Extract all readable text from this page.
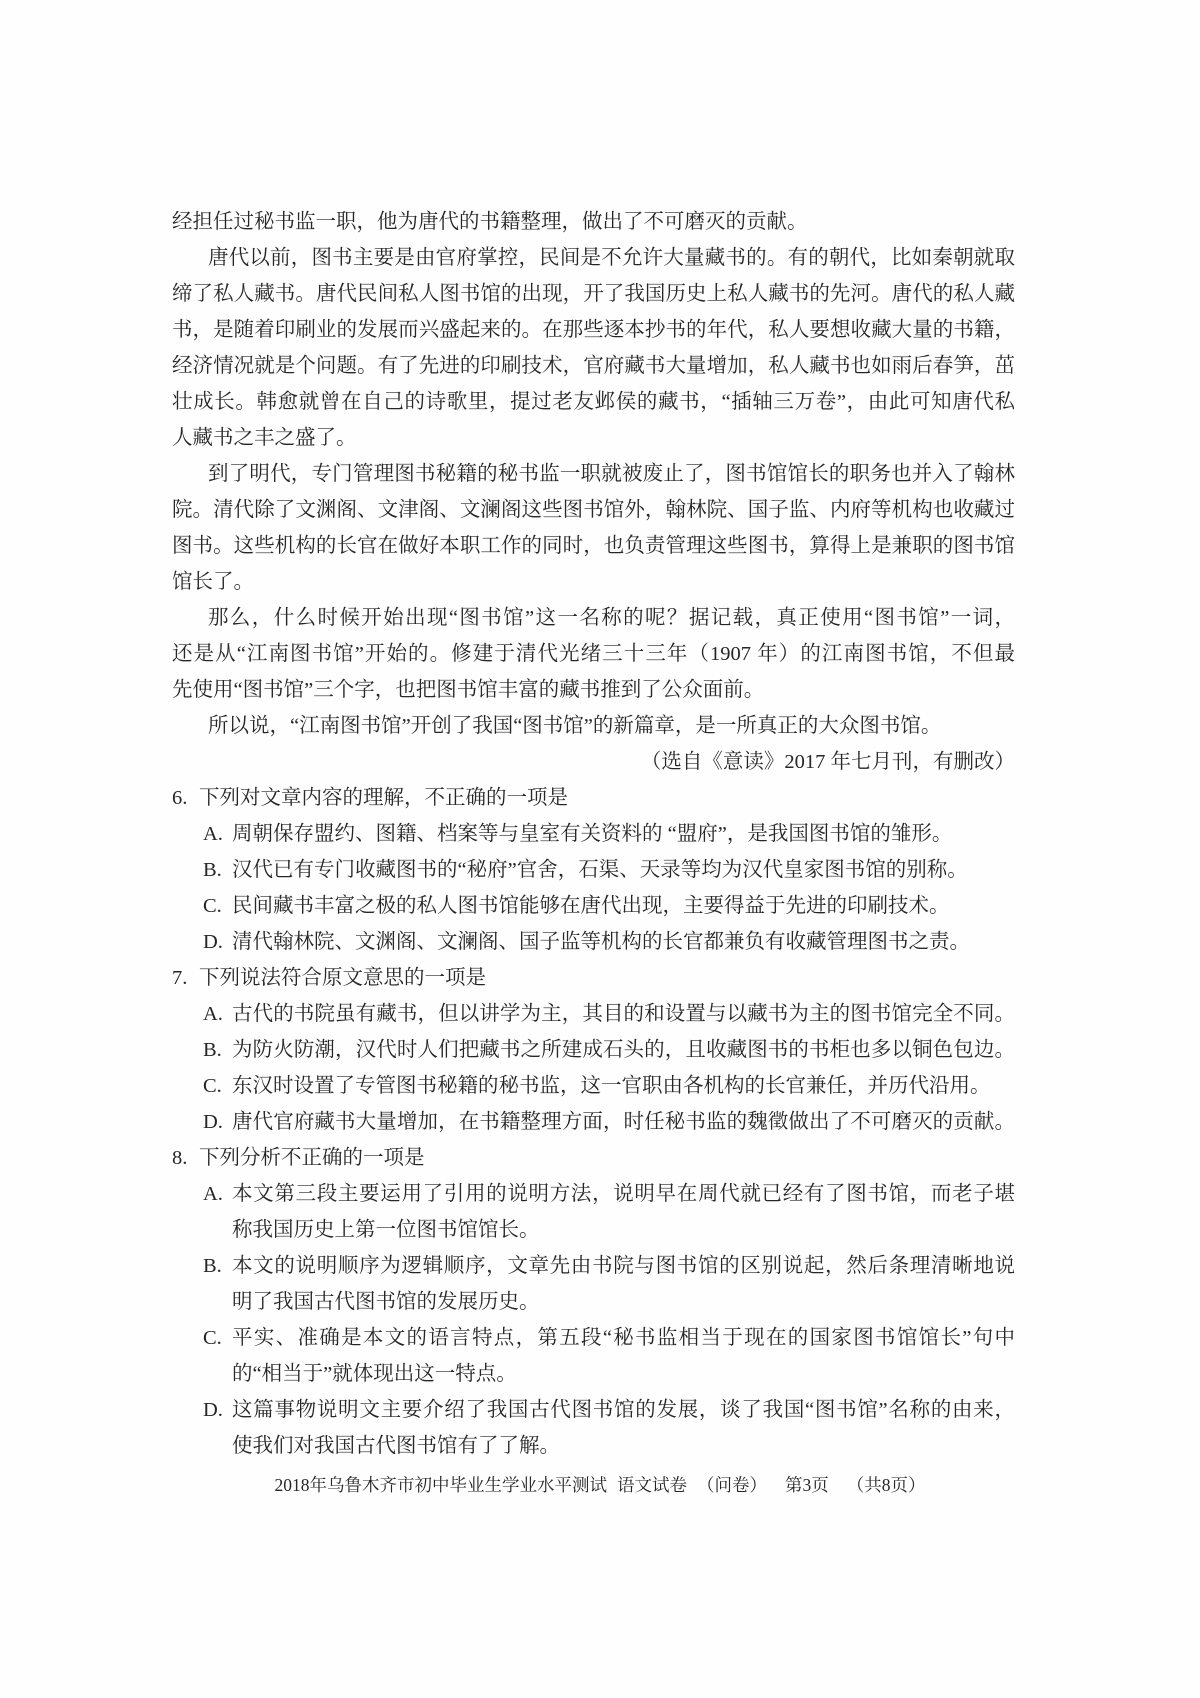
经担任过秘书监一职，他为唐代的书籍整理，做出了不可磨灭的贡献。
唐代以前，图书主要是由官府掌控，民间是不允许大量藏书的。有的朝代，比如秦朝就取
缔了私人藏书。唐代民间私人图书馆的出现，开了我国历史上私人藏书的先河。唐代的私人藏
书，是随着印刷业的发展而兴盛起来的。在那些逐本抄书的年代，私人要想收藏大量的书籍，
经济情况就是个问题。有了先进的印刷技术，官府藏书大量增加，私人藏书也如雨后春笋，茁
壮成长。韩愈就曾在自己的诗歌里，提过老友邺侯的藏书，“插轴三万卷”，由此可知唐代私
人藏书之丰之盛了。
到了明代，专门管理图书秘籍的秘书监一职就被废止了，图书馆馆长的职务也并入了翰林
院。清代除了文渊阁、文津阁、文澜阁这些图书馆外，翰林院、国子监、内府等机构也收藏过
图书。这些机构的长官在做好本职工作的同时，也负责管理这些图书，算得上是兼职的图书馆
馆长了。
那么，什么时候开始出现“图书馆”这一名称的呢？据记载，真正使用“图书馆”一词，
还是从“江南图书馆”开始的。修建于清代光绪三十三年（1907 年）的江南图书馆，不但最
先使用“图书馆”三个字，也把图书馆丰富的藏书推到了公众面前。
所以说，“江南图书馆”开创了我国“图书馆”的新篇章，是一所真正的大众图书馆。
（选自《意读》2017 年七月刊，有删改）
6. 下列对文章内容的理解，不正确的一项是
A. 周朝保存盟约、图籍、档案等与皇室有关资料的 “盟府”，是我国图书馆的雏形。
B. 汉代已有专门收藏图书的“秘府”官舍，石渠、天录等均为汉代皇家图书馆的别称。
C. 民间藏书丰富之极的私人图书馆能够在唐代出现，主要得益于先进的印刷技术。
D. 清代翰林院、文渊阁、文澜阁、国子监等机构的长官都兼负有收藏管理图书之责。
7. 下列说法符合原文意思的一项是
A. 古代的书院虽有藏书，但以讲学为主，其目的和设置与以藏书为主的图书馆完全不同。
B. 为防火防潮，汉代时人们把藏书之所建成石头的，且收藏图书的书柜也多以铜色包边。
C. 东汉时设置了专管图书秘籍的秘书监，这一官职由各机构的长官兼任，并历代沿用。
D. 唐代官府藏书大量增加，在书籍整理方面，时任秘书监的魏徵做出了不可磨灭的贡献。
8. 下列分析不正确的一项是
A. 本文第三段主要运用了引用的说明方法，说明早在周代就已经有了图书馆，而老子堪
称我国历史上第一位图书馆馆长。
B. 本文的说明顺序为逻辑顺序，文章先由书院与图书馆的区别说起，然后条理清晰地说
明了我国古代图书馆的发展历史。
C. 平实、准确是本文的语言特点，第五段“秘书监相当于现在的国家图书馆馆长”句中
的“相当于”就体现出这一特点。
D. 这篇事物说明文主要介绍了我国古代图书馆的发展，谈了我国“图书馆”名称的由来，
使我们对我国古代图书馆有了了解。
2018年乌鲁木齐市初中毕业生学业水平测试 语文试卷 （问卷） 第3页 （共8页）
